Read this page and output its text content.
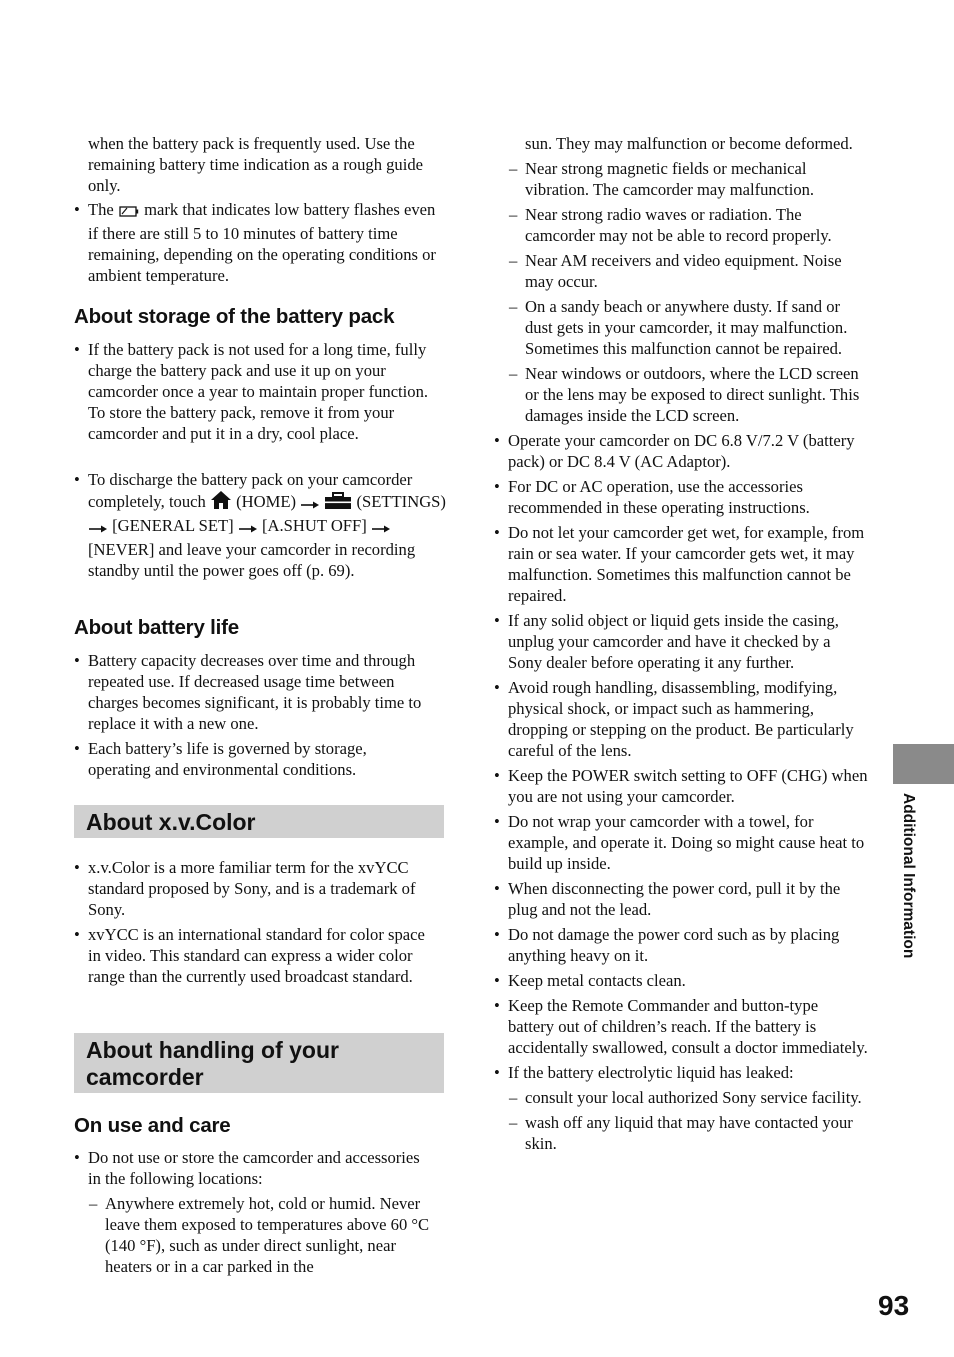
when the battery pack is frequently used. Use the remaining battery time indication as a rough guide only.
• The mark that indicates low battery flashes even if there are still 5 to 10 minutes of battery time remaining, depending on the operating conditions or ambient temperature.
About storage of the battery pack
• If the battery pack is not used for a long time, fully charge the battery pack and use it up on your camcorder once a year to maintain proper function. To store the battery pack, remove it from your camcorder and put it in a dry, cool place.
• To discharge the battery pack on your camcorder completely, touch (HOME)	(SETTINGS)  [GENERAL SET] [A.SHUT OFF]  [NEVER] and leave your camcorder in recording standby until the power goes off (p. 69).
About battery life
• Battery capacity decreases over time and through repeated use. If decreased usage time between charges becomes significant, it is probably time to replace it with a new one.
• Each battery’s life is governed by storage, operating and environmental conditions.
About x.v.Color
• x.v.Color is a more familiar term for the xvYCC standard proposed by Sony, and is a trademark of Sony.
• xvYCC is an international standard for color space in video. This standard can express a wider color range than the currently used broadcast standard.
About handling of your camcorder
On use and care
• Do not use or store the camcorder and accessories in the following locations:
– Anywhere extremely hot, cold or humid. Never leave them exposed to temperatures above 60 °C (140 °F), such as under direct sunlight, near heaters or in a car parked in the
sun. They may malfunction or become deformed.
– Near strong magnetic fields or mechanical vibration. The camcorder may malfunction.
– Near strong radio waves or radiation. The camcorder may not be able to record properly.
– Near AM receivers and video equipment. Noise may occur.
– On a sandy beach or anywhere dusty. If sand or dust gets in your camcorder, it may malfunction. Sometimes this malfunction cannot be repaired.
– Near windows or outdoors, where the LCD screen or the lens may be exposed to direct sunlight. This damages inside the LCD screen.
• Operate your camcorder on DC 6.8 V/7.2 V (battery pack) or DC 8.4 V (AC Adaptor).
• For DC or AC operation, use the accessories recommended in these operating instructions.
• Do not let your camcorder get wet, for example, from rain or sea water. If your camcorder gets wet, it may malfunction. Sometimes this malfunction cannot be repaired.
• If any solid object or liquid gets inside the casing, unplug your camcorder and have it checked by a Sony dealer before operating it any further.
• Avoid rough handling, disassembling, modifying, physical shock, or impact such as hammering, dropping or stepping on the product. Be particularly careful of the lens.
• Keep the POWER switch setting to OFF (CHG) when you are not using your camcorder.
• Do not wrap your camcorder with a towel, for example, and operate it. Doing so might cause heat to build up inside.
• When disconnecting the power cord, pull it by the plug and not the lead.
• Do not damage the power cord such as by placing anything heavy on it.
• Keep metal contacts clean.
• Keep the Remote Commander and button-type battery out of children’s reach. If the battery is accidentally swallowed, consult a doctor immediately.
• If the battery electrolytic liquid has leaked:
– consult your local authorized Sony service facility.
– wash off any liquid that may have contacted your skin.
Additional Information
93
